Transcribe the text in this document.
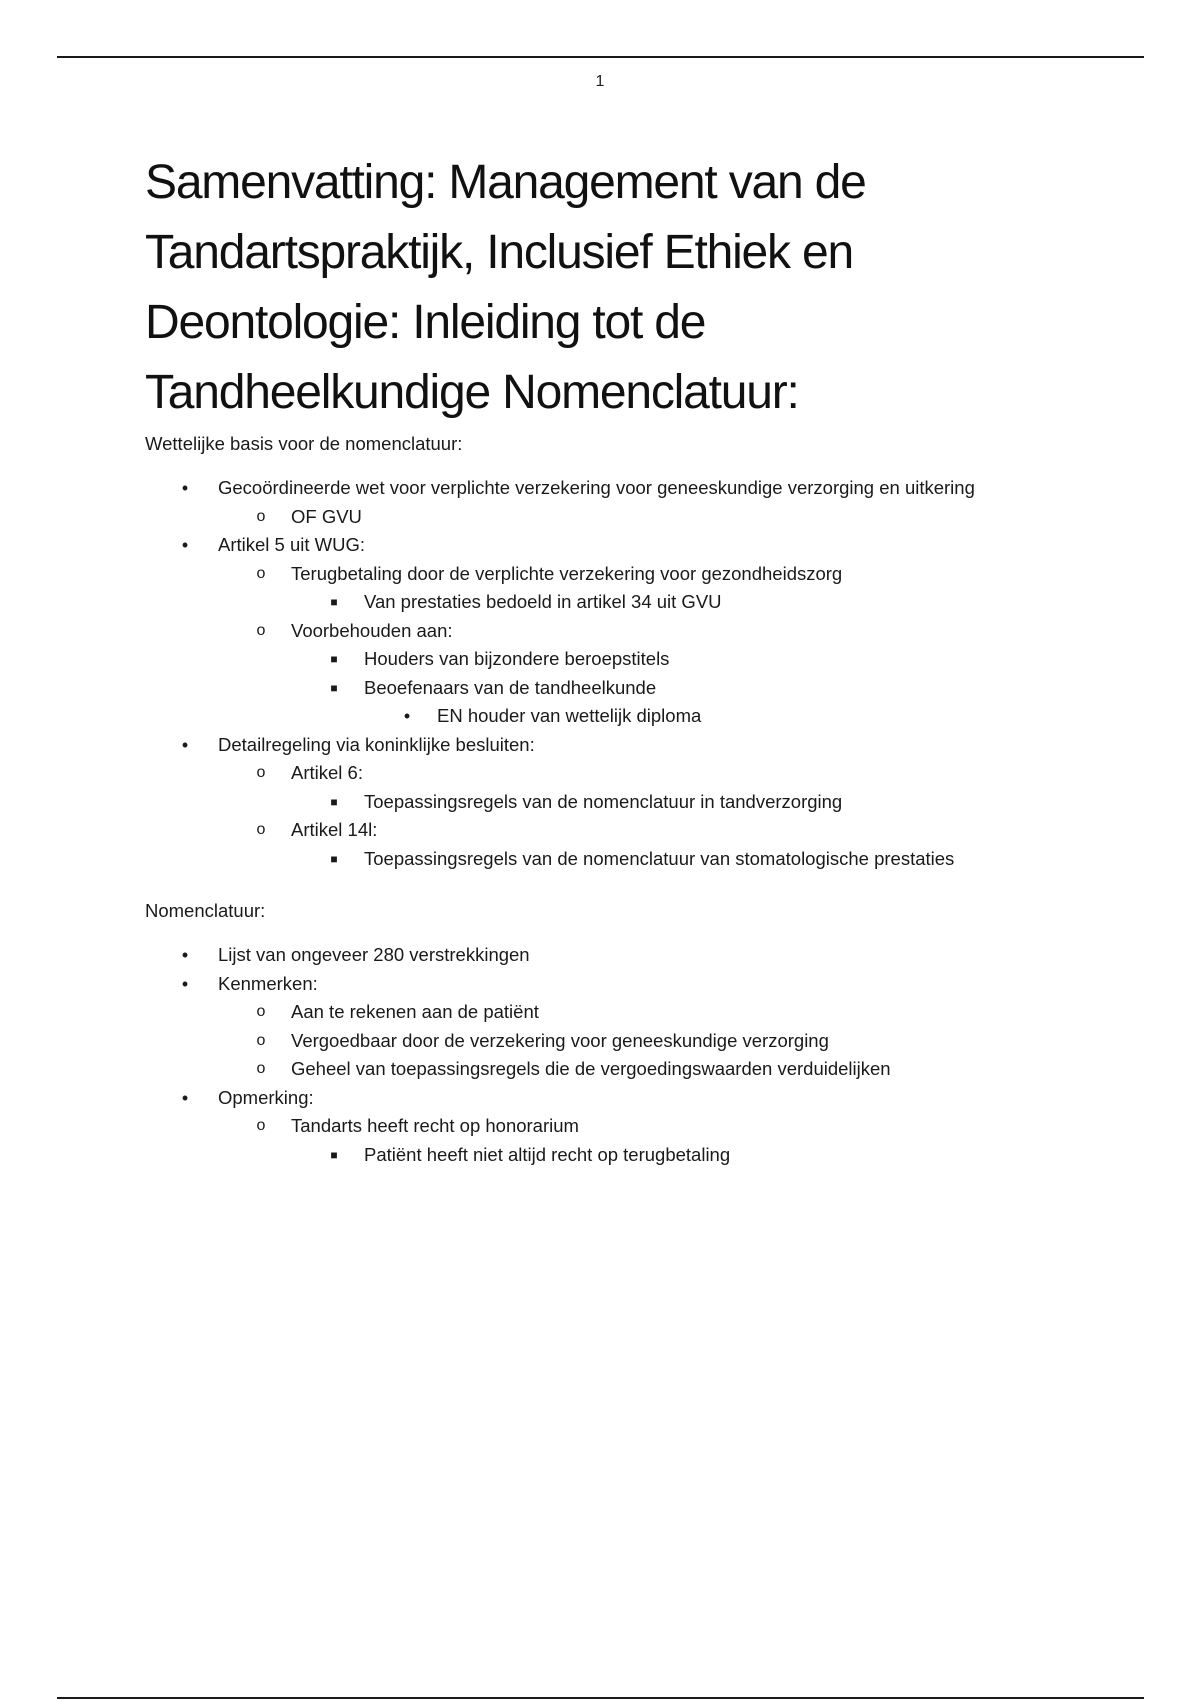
1
Samenvatting: Management van de Tandartspraktijk, Inclusief Ethiek en Deontologie: Inleiding tot de Tandheelkundige Nomenclatuur:

Wettelijke basis voor de nomenclatuur:

•	Gecoördineerde wet voor verplichte verzekering voor geneeskundige verzorging en uitkering
o OF GVU
•	Artikel 5 uit WUG:
o Terugbetaling door de verplichte verzekering voor gezondheidszorg
■	Van prestaties bedoeld in artikel 34 uit GVU
o Voorbehouden aan:
■	Houders van bijzondere beroepstitels
■	Beoefenaars van de tandheelkunde
•	EN houder van wettelijk diploma
•	Detailregeling via koninklijke besluiten:
o Artikel 6:
■	Toepassingsregels van de nomenclatuur in tandverzorging
o Artikel 14l:
■	Toepassingsregels van de nomenclatuur van stomatologische prestaties

Nomenclatuur:

•	Lijst van ongeveer 280 verstrekkingen
•	Kenmerken:
o Aan te rekenen aan de patiënt
o Vergoedbaar door de verzekering voor geneeskundige verzorging
o Geheel van toepassingsregels die de vergoedingswaarden verduidelijken
•	Opmerking:
o Tandarts heeft recht op honorarium
■	Patiënt heeft niet altijd recht op terugbetaling
